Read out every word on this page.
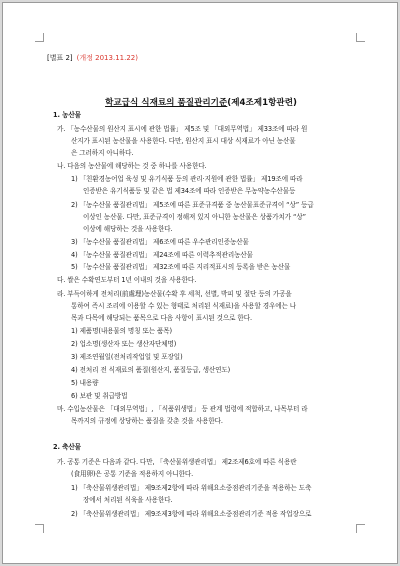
[별표 2] (개정 2013.11.22)
학교급식 식재료의 품질관리기준(제4조제1항관련)
1. 농산물
가. 「농수산물의 원산지 표시에 관한 법률」 제5조 및 「대외무역법」 제33조에 따라 원
산지가 표시된 농산물을 사용한다. 다만, 원산지 표시 대상 식재료가 아닌 농산물
은 그러하지 아니하다.
나. 다음의 농산물에 해당하는 것 중 하나를 사용한다.
1) 「친환경농어업 육성 및 유기식품 등의 관리·지원에 관한 법률」 제19조에 따라
인증받은 유기식품등 및 같은 법 제34조에 따라 인증받은 무농약농수산물등
2) 「농수산물 품질관리법」 제5조에 따른 표준규격품 중 농산물표준규격이 “상” 등급
이상인 농산물. 다만, 표준규격이 정해져 있지 아니한 농산물은 상품가치가 “상”
이상에 해당하는 것을 사용한다.
3) 「농수산물 품질관리법」 제6조에 따른 우수관리인증농산물
4) 「농수산물 품질관리법」 제24조에 따른 이력추적관리농산물
5) 「농수산물 품질관리법」 제32조에 따른 지리적표시의 등록을 받은 농산물
다. 쌀은 수확연도부터 1년 이내의 것을 사용한다.
라. 부득이하게 전처리(前處理)농산물(수확 후 세척, 선별, 박피 및 절단 등의 가공을
통하여 즉시 조리에 이용할 수 있는 형태로 처리된 식재료)을 사용할 경우에는 나
목과 다목에 해당되는 품목으로 다음 사항이 표시된 것으로 한다.
1) 제품명(내용물의 명칭 또는 품목)
2) 업소명(생산자 또는 생산자단체명)
3) 제조연월일(전처리작업일 및 포장일)
4) 전처리 전 식재료의 품질(원산지, 품질등급, 생산연도)
5) 내용량
6) 보관 및 취급방법
마. 수입농산물은 「대외무역법」, 「식품위생법」 등 관계 법령에 적합하고, 나목부터 라
목까지의 규정에 상당하는 품질을 갖춘 것을 사용한다.
2. 축산물
가. 공통 기준은 다음과 같다. 다만, 「축산물위생관리법」 제2조제6호에 따른 식용란
(食用卵)은 공통 기준을 적용하지 아니한다.
1) 「축산물위생관리법」 제9조제2항에 따라 위해요소중점관리기준을 적용하는 도축
장에서 처리된 식육을 사용한다.
2) 「축산물위생관리법」 제9조제3항에 따라 위해요소중점관리기준 적용 작업장으로
